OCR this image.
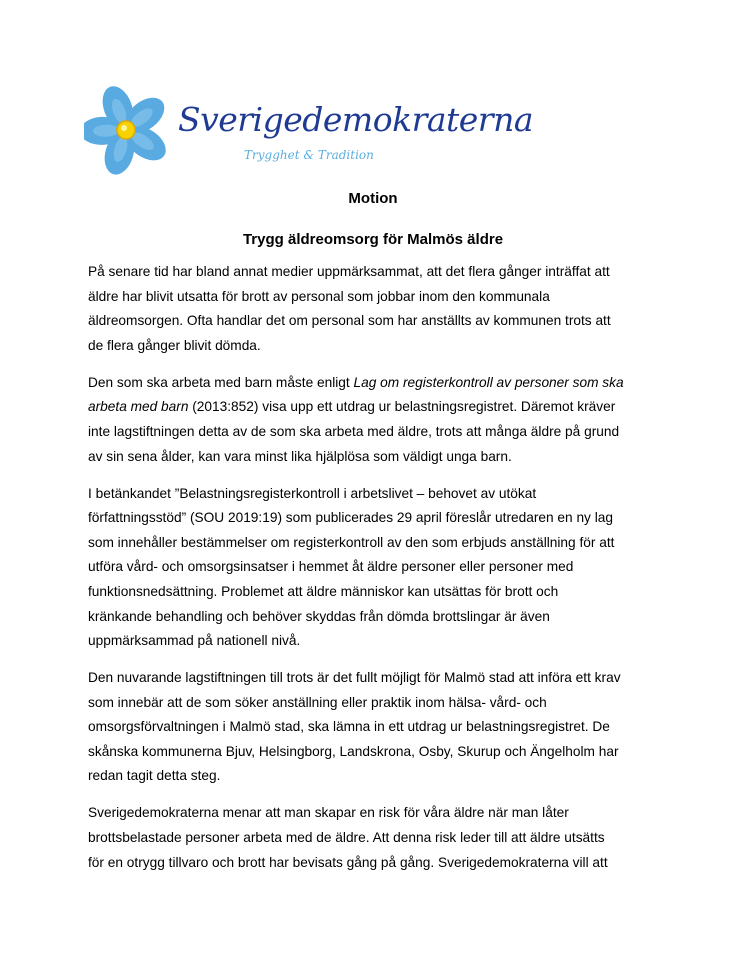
Sverigedemokraterna
Trygghet & Tradition
Motion
Trygg äldreomsorg för Malmös äldre

På senare tid har bland annat medier uppmärksammat, att det flera gånger inträffat att
äldre har blivit utsatta för brott av personal som jobbar inom den kommunala
äldreomsorgen. Ofta handlar det om personal som har anställts av kommunen trots att
de flera gånger blivit dömda.

Den som ska arbeta med barn måste enligt Lag om registerkontroll av personer som ska
arbeta med barn (2013:852) visa upp ett utdrag ur belastningsregistret. Däremot kräver
inte lagstiftningen detta av de som ska arbeta med äldre, trots att många äldre på grund
av sin sena ålder, kan vara minst lika hjälplösa som väldigt unga barn.

I betänkandet ”Belastningsregisterkontroll i arbetslivet – behovet av utökat
författningsstöd” (SOU 2019:19) som publicerades 29 april föreslår utredaren en ny lag
som innehåller bestämmelser om registerkontroll av den som erbjuds anställning för att
utföra vård- och omsorgsinsatser i hemmet åt äldre personer eller personer med
funktionsnedsättning. Problemet att äldre människor kan utsättas för brott och
kränkande behandling och behöver skyddas från dömda brottslingar är även
uppmärksammad på nationell nivå.

Den nuvarande lagstiftningen till trots är det fullt möjligt för Malmö stad att införa ett krav
som innebär att de som söker anställning eller praktik inom hälsa- vård- och
omsorgsförvaltningen i Malmö stad, ska lämna in ett utdrag ur belastningsregistret. De
skånska kommunerna Bjuv, Helsingborg, Landskrona, Osby, Skurup och Ängelholm har
redan tagit detta steg.

Sverigedemokraterna menar att man skapar en risk för våra äldre när man låter
brottsbelastade personer arbeta med de äldre. Att denna risk leder till att äldre utsätts
för en otrygg tillvaro och brott har bevisats gång på gång. Sverigedemokraterna vill att
